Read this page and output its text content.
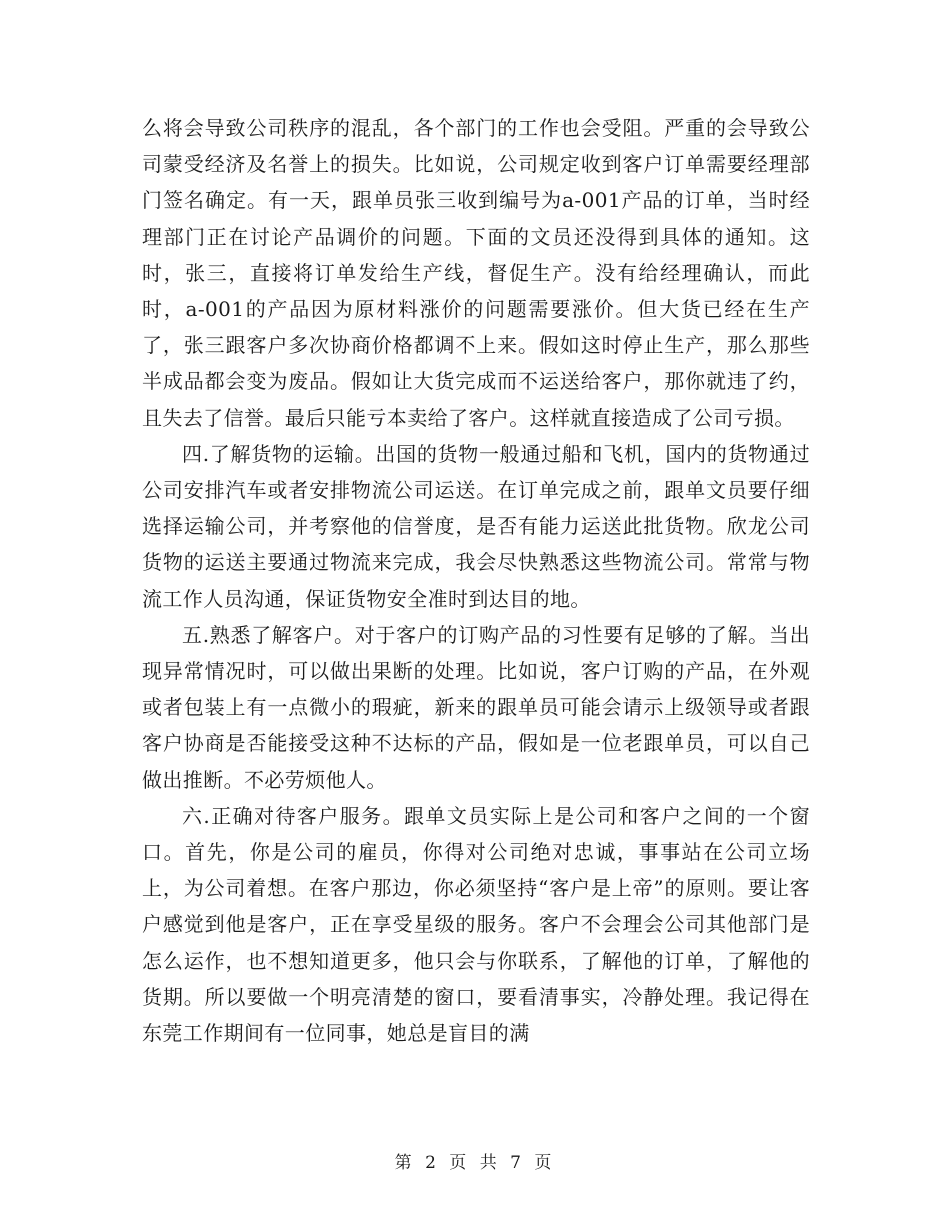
么将会导致公司秩序的混乱，各个部门的工作也会受阻。严重的会导致公司蒙受经济及名誉上的损失。比如说，公司规定收到客户订单需要经理部门签名确定。有一天，跟单员张三收到编号为a-001产品的订单，当时经理部门正在讨论产品调价的问题。下面的文员还没得到具体的通知。这时，张三，直接将订单发给生产线，督促生产。没有给经理确认，而此时，a-001的产品因为原材料涨价的问题需要涨价。但大货已经在生产了，张三跟客户多次协商价格都调不上来。假如这时停止生产，那么那些半成品都会变为废品。假如让大货完成而不运送给客户，那你就违了约，且失去了信誉。最后只能亏本卖给了客户。这样就直接造成了公司亏损。

四.了解货物的运输。出国的货物一般通过船和飞机，国内的货物通过公司安排汽车或者安排物流公司运送。在订单完成之前，跟单文员要仔细选择运输公司，并考察他的信誉度，是否有能力运送此批货物。欣龙公司货物的运送主要通过物流来完成，我会尽快熟悉这些物流公司。常常与物流工作人员沟通，保证货物安全准时到达目的地。

五.熟悉了解客户。对于客户的订购产品的习性要有足够的了解。当出现异常情况时，可以做出果断的处理。比如说，客户订购的产品，在外观或者包装上有一点微小的瑕疵，新来的跟单员可能会请示上级领导或者跟客户协商是否能接受这种不达标的产品，假如是一位老跟单员，可以自己做出推断。不必劳烦他人。

六.正确对待客户服务。跟单文员实际上是公司和客户之间的一个窗口。首先，你是公司的雇员，你得对公司绝对忠诚，事事站在公司立场上，为公司着想。在客户那边，你必须坚持“客户是上帝”的原则。要让客户感觉到他是客户，正在享受星级的服务。客户不会理会公司其他部门是怎么运作，也不想知道更多，他只会与你联系，了解他的订单，了解他的货期。所以要做一个明亮清楚的窗口，要看清事实，冷静处理。我记得在东莞工作期间有一位同事，她总是盲目的满

第 2 页 共 7 页
